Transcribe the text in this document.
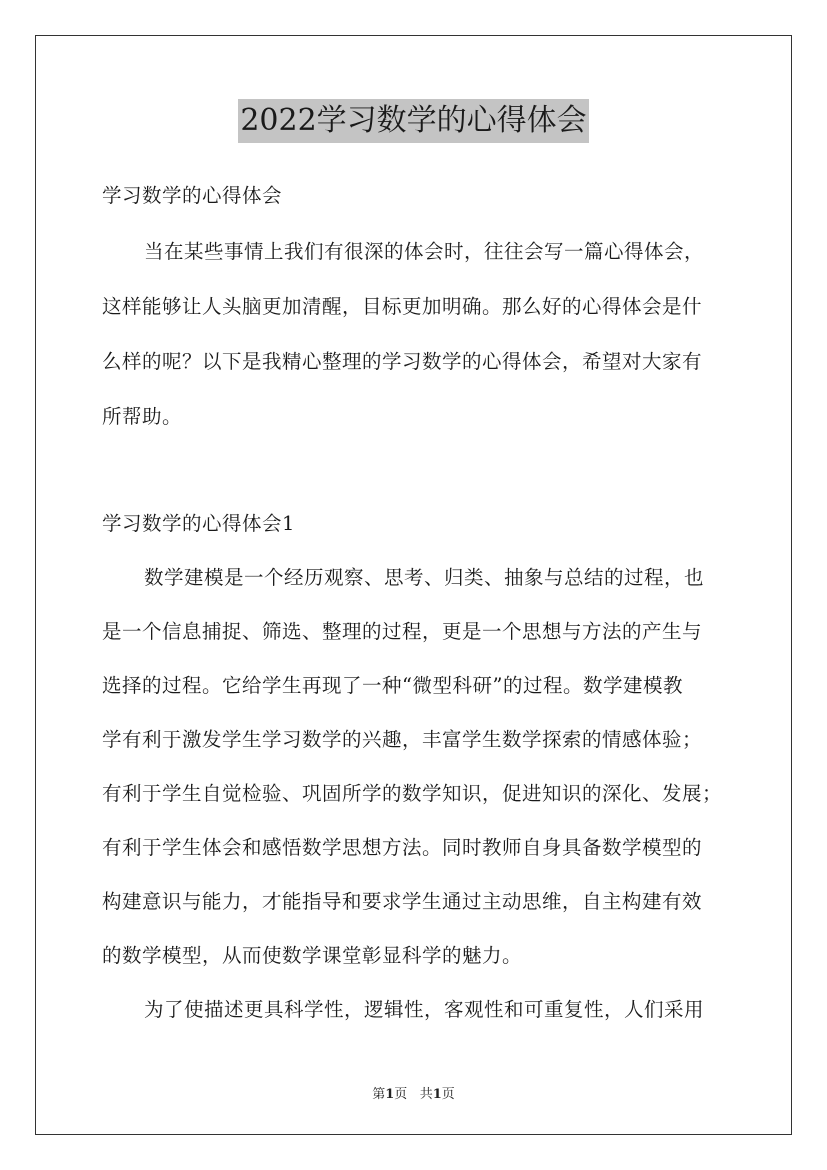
2022学习数学的心得体会
学习数学的心得体会
当在某些事情上我们有很深的体会时，往往会写一篇心得体会，
这样能够让人头脑更加清醒，目标更加明确。那么好的心得体会是什
么样的呢？以下是我精心整理的学习数学的心得体会，希望对大家有
所帮助。
学习数学的心得体会1
数学建模是一个经历观察、思考、归类、抽象与总结的过程，也
是一个信息捕捉、筛选、整理的过程，更是一个思想与方法的产生与
选择的过程。它给学生再现了一种“微型科研”的过程。数学建模教
学有利于激发学生学习数学的兴趣，丰富学生数学探索的情感体验；
有利于学生自觉检验、巩固所学的数学知识，促进知识的深化、发展；
有利于学生体会和感悟数学思想方法。同时教师自身具备数学模型的
构建意识与能力，才能指导和要求学生通过主动思维，自主构建有效
的数学模型，从而使数学课堂彰显科学的魅力。
为了使描述更具科学性，逻辑性，客观性和可重复性，人们采用
第1页 共1页
